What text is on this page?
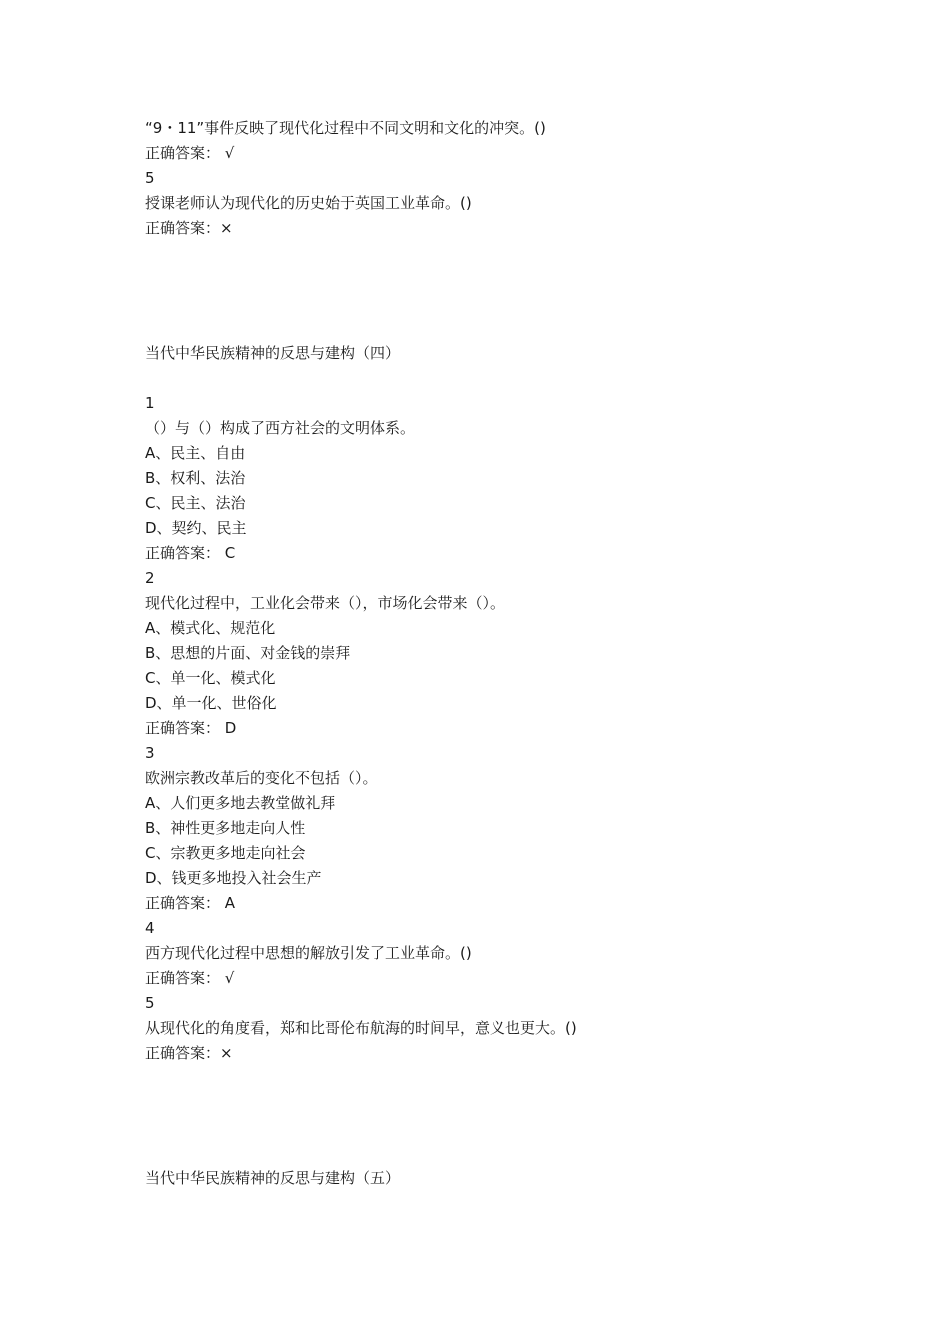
“9・11”事件反映了现代化过程中不同文明和文化的冲突。()
正确答案： √
5
授课老师认为现代化的历史始于英国工业革命。()
正确答案：×
当代中华民族精神的反思与建构（四）
1
（）与（）构成了西方社会的文明体系。
A、民主、自由
B、权利、法治
C、民主、法治
D、契约、民主
正确答案： C
2
现代化过程中，工业化会带来（），市场化会带来（）。
A、模式化、规范化
B、思想的片面、对金钱的崇拜
C、单一化、模式化
D、单一化、世俗化
正确答案： D
3
欧洲宗教改革后的变化不包括（）。
A、人们更多地去教堂做礼拜
B、神性更多地走向人性
C、宗教更多地走向社会
D、钱更多地投入社会生产
正确答案： A
4
西方现代化过程中思想的解放引发了工业革命。()
正确答案： √
5
从现代化的角度看，郑和比哥伦布航海的时间早，意义也更大。()
正确答案：×
当代中华民族精神的反思与建构（五）
